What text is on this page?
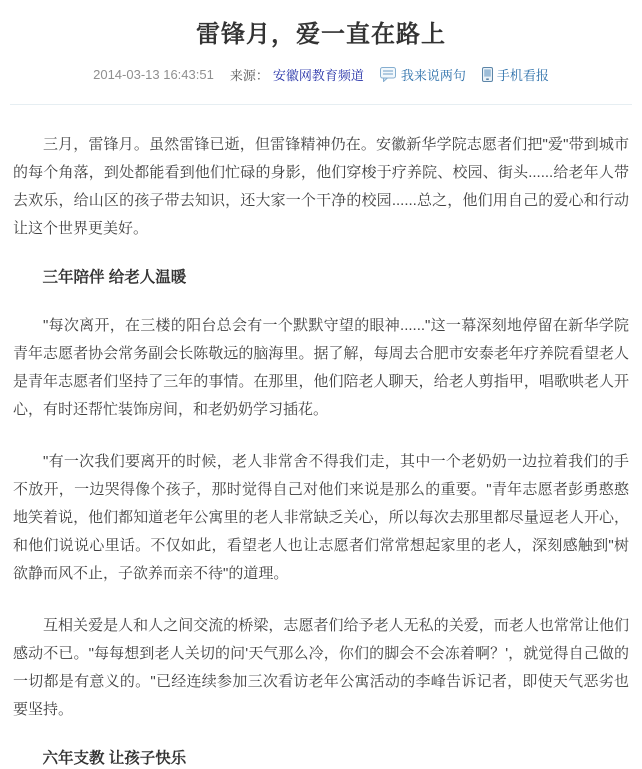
雷锋月，爱一直在路上
2014-03-13 16:43:51 来源： 安徽网教育频道	我来说两句 手机看报

三月，雷锋月。虽然雷锋已逝，但雷锋精神仍在。安徽新华学院志愿者们把"爱"带到城市的每个角落，到处都能看到他们忙碌的身影，他们穿梭于疗养院、校园、街头......给老年人带去欢乐，给山区的孩子带去知识，还大家一个干净的校园......总之，他们用自己的爱心和行动让这个世界更美好。

三年陪伴 给老人温暖

"每次离开，在三楼的阳台总会有一个默默守望的眼神......"这一幕深刻地停留在新华学院青年志愿者协会常务副会长陈敬远的脑海里。据了解，每周去合肥市安泰老年疗养院看望老人是青年志愿者们坚持了三年的事情。在那里，他们陪老人聊天，给老人剪指甲，唱歌哄老人开心，有时还帮忙装饰房间，和老奶奶学习插花。

"有一次我们要离开的时候，老人非常舍不得我们走，其中一个老奶奶一边拉着我们的手不放开，一边哭得像个孩子，那时觉得自己对他们来说是那么的重要。"青年志愿者彭勇憨憨地笑着说，他们都知道老年公寓里的老人非常缺乏关心，所以每次去那里都尽量逗老人开心，和他们说说心里话。不仅如此，看望老人也让志愿者们常常想起家里的老人，深刻感触到"树欲静而风不止，子欲养而亲不待"的道理。

互相关爱是人和人之间交流的桥梁，志愿者们给予老人无私的关爱，而老人也常常让他们感动不已。"每每想到老人关切的问'天气那么冷，你们的脚会不会冻着啊？'，就觉得自己做的一切都是有意义的。"已经连续参加三次看访老年公寓活动的李峰告诉记者，即使天气恶劣也要坚持。

六年支教 让孩子快乐
